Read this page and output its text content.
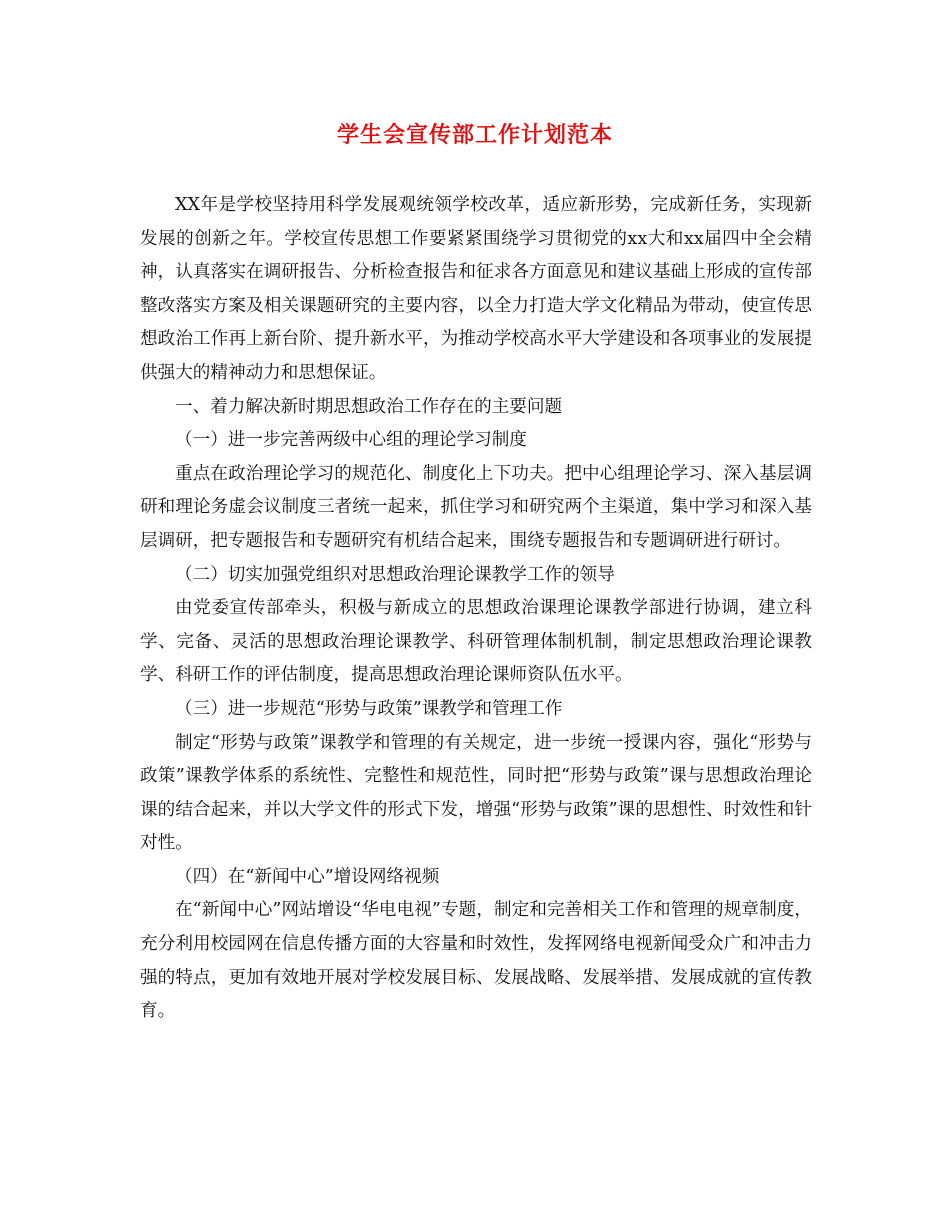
学生会宣传部工作计划范本

XX年是学校坚持用科学发展观统领学校改革，适应新形势，完成新任务，实现新发展的创新之年。学校宣传思想工作要紧紧围绕学习贯彻党的xx大和xx届四中全会精神，认真落实在调研报告、分析检查报告和征求各方面意见和建议基础上形成的宣传部整改落实方案及相关课题研究的主要内容，以全力打造大学文化精品为带动，使宣传思想政治工作再上新台阶、提升新水平，为推动学校高水平大学建设和各项事业的发展提供强大的精神动力和思想保证。

一、着力解决新时期思想政治工作存在的主要问题

（一）进一步完善两级中心组的理论学习制度

重点在政治理论学习的规范化、制度化上下功夫。把中心组理论学习、深入基层调研和理论务虚会议制度三者统一起来，抓住学习和研究两个主渠道，集中学习和深入基层调研，把专题报告和专题研究有机结合起来，围绕专题报告和专题调研进行研讨。

（二）切实加强党组织对思想政治理论课教学工作的领导

由党委宣传部牵头，积极与新成立的思想政治课理论课教学部进行协调，建立科学、完备、灵活的思想政治理论课教学、科研管理体制机制，制定思想政治理论课教学、科研工作的评估制度，提高思想政治理论课师资队伍水平。

（三）进一步规范“形势与政策”课教学和管理工作

制定“形势与政策”课教学和管理的有关规定，进一步统一授课内容，强化“形势与政策”课教学体系的系统性、完整性和规范性，同时把“形势与政策”课与思想政治理论课的结合起来，并以大学文件的形式下发，增强“形势与政策”课的思想性、时效性和针对性。

（四）在“新闻中心”增设网络视频

在“新闻中心”网站增设“华电电视”专题，制定和完善相关工作和管理的规章制度，充分利用校园网在信息传播方面的大容量和时效性，发挥网络电视新闻受众广和冲击力强的特点，更加有效地开展对学校发展目标、发展战略、发展举措、发展成就的宣传教育。
